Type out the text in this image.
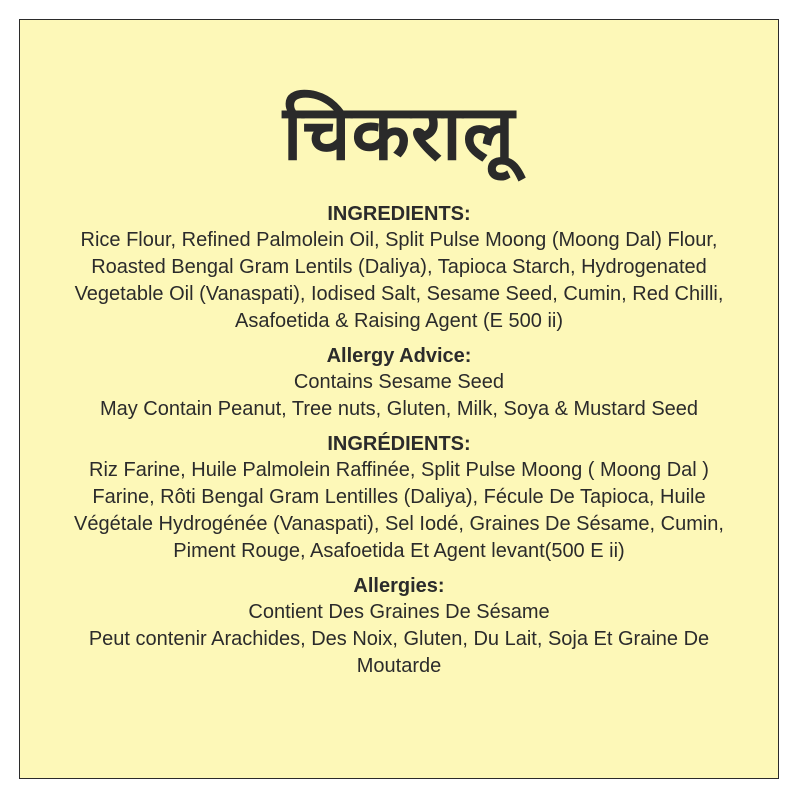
चिकरालू

INGREDIENTS:

Rice Flour, Refined Palmolein Oil, Split Pulse Moong (Moong Dal) Flour,

Roasted Bengal Gram Lentils (Daliya), Tapioca Starch, Hydrogenated

Vegetable Oil (Vanaspati), Iodised Salt, Sesame Seed, Cumin, Red Chilli,

Asafoetida & Raising Agent (E 500 ii)

Allergy Advice:

Contains Sesame Seed

May Contain Peanut, Tree nuts, Gluten, Milk, Soya & Mustard Seed

INGRÉDIENTS:

Riz Farine, Huile Palmolein Raffinée, Split Pulse Moong ( Moong Dal )

Farine, Rôti Bengal Gram Lentilles (Daliya), Fécule De Tapioca, Huile

Végétale Hydrogénée (Vanaspati), Sel Iodé, Graines De Sésame, Cumin,

Piment Rouge, Asafoetida Et Agent levant(500 E ii)

Allergies:

Contient Des Graines De Sésame

Peut contenir Arachides, Des Noix, Gluten, Du Lait, Soja Et Graine De

Moutarde
